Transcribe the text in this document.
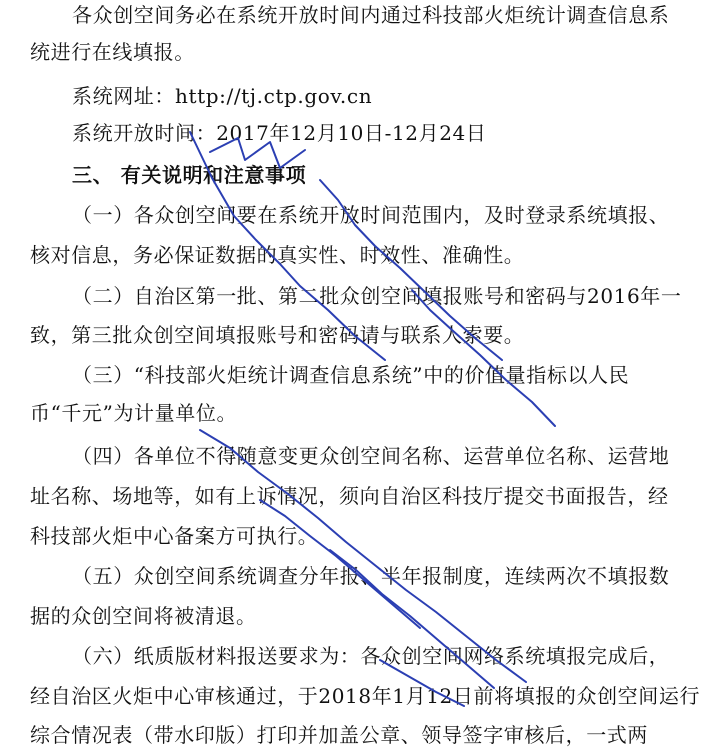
各众创空间务必在系统开放时间内通过科技部火炬统计调查信息系
统进行在线填报。
系统网址：http://tj.ctp.gov.cn
系统开放时间：2017年12月10日-12月24日
三、 有关说明和注意事项
（一）各众创空间要在系统开放时间范围内，及时登录系统填报、
核对信息，务必保证数据的真实性、时效性、准确性。
（二）自治区第一批、第二批众创空间填报账号和密码与2016年一
致，第三批众创空间填报账号和密码请与联系人索要。
（三）“科技部火炬统计调查信息系统”中的价值量指标以人民
币“千元”为计量单位。
（四）各单位不得随意变更众创空间名称、运营单位名称、运营地
址名称、场地等，如有上诉情况，须向自治区科技厅提交书面报告，经
科技部火炬中心备案方可执行。
（五）众创空间系统调查分年报、半年报制度，连续两次不填报数
据的众创空间将被清退。
（六）纸质版材料报送要求为：各众创空间网络系统填报完成后，
经自治区火炬中心审核通过，于2018年1月12日前将填报的众创空间运行
综合情况表（带水印版）打印并加盖公章、领导签字审核后，一式两
